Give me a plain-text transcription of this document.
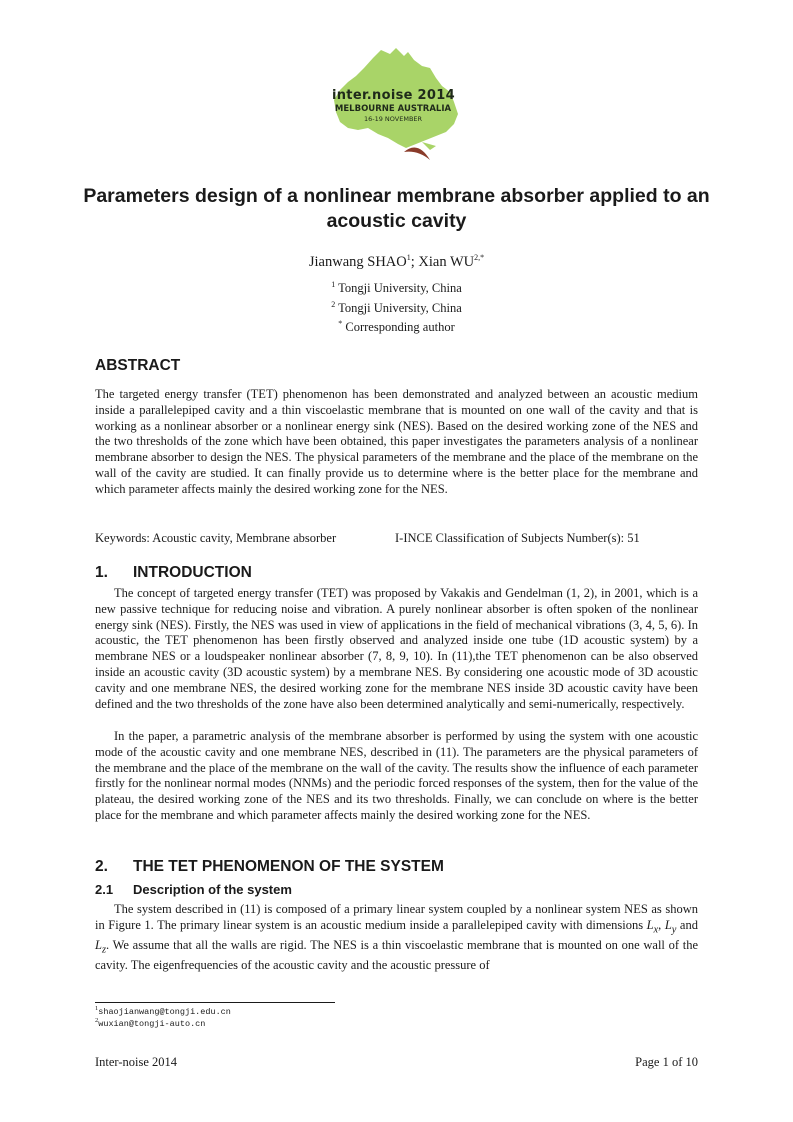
inter.noise 2014
MELBOURNE AUSTRALIA
16-19 NOVEMBER
Parameters design of a nonlinear membrane absorber applied to an acoustic cavity
Jianwang SHAO$^1$; Xian $WU^{2,*}$
$^1$ Tongji University, China
$^2$ Tongji University, China
* Corresponding author
ABSTRACT

The targeted energy transfer (TET) phenomenon has been demonstrated and analyzed between an acoustic medium inside a parallelepiped cavity and a thin viscoelastic membrane that is mounted on one wall of the cavity and that is working as a nonlinear absorber or a nonlinear energy sink (NES). Based on the desired working zone of the NES and the two thresholds of the zone which have been obtained, this paper investigates the parameters analysis of a nonlinear membrane absorber to design the NES. The physical parameters of the membrane and the place of the membrane on the wall of the cavity are studied. It can finally provide us to determine where is the better place for the membrane and which parameter affects mainly the desired working zone for the NES.

Keywords: Acoustic cavity, Membrane absorber	I-INCE Classification of Subjects Number(s): 51
1. INTRODUCTION

The concept of targeted energy transfer (TET) was proposed by Vakakis and Gendelman (1, 2), in 2001, which is a new passive technique for reducing noise and vibration. A purely nonlinear absorber is often spoken of the nonlinear energy sink (NES). Firstly, the NES was used in view of applications in the field of mechanical vibrations (3, 4, 5, 6). In acoustic, the TET phenomenon has been firstly observed and analyzed inside one tube (1D acoustic system) by a membrane NES or a loudspeaker nonlinear absorber (7, 8, 9, 10). In (11),the TET phenomenon can be also observed inside an acoustic cavity (3D acoustic system) by a membrane NES. By considering one acoustic mode of 3D acoustic cavity and one membrane NES, the desired working zone for the membrane NES inside 3D acoustic cavity have been defined and the two thresholds of the zone have also been determined analytically and semi-numerically, respectively.

In the paper, a parametric analysis of the membrane absorber is performed by using the system with one acoustic mode of the acoustic cavity and one membrane NES, described in (11). The parameters are the physical parameters of the membrane and the place of the membrane on the wall of the cavity. The results show the influence of each parameter firstly for the nonlinear normal modes (NNMs) and the periodic forced responses of the system, then for the value of the plateau, the desired working zone of the NES and its two thresholds. Finally, we can conclude on where is the better place for the membrane and which parameter affects mainly the desired working zone for the NES.

2. THE TET PHENOMENON OF THE SYSTEM
2.1 Description of the system

The system described in (11) is composed of a primary linear system coupled by a nonlinear system NES as shown in Figure 1. The primary linear system is an acoustic medium inside a parallelepiped cavity with dimensions $L_x$, $L_y$ and $L_z$. We assume that all the walls are rigid. The NES is a thin viscoelastic membrane that is mounted on one wall of the cavity. The eigenfrequencies of the acoustic cavity and the acoustic pressure of

$^1$shaojianwang@tongji.edu.cn
$^2$wuxian@tongji-auto.cn
Inter-noise 2014	Page 1 of 10
